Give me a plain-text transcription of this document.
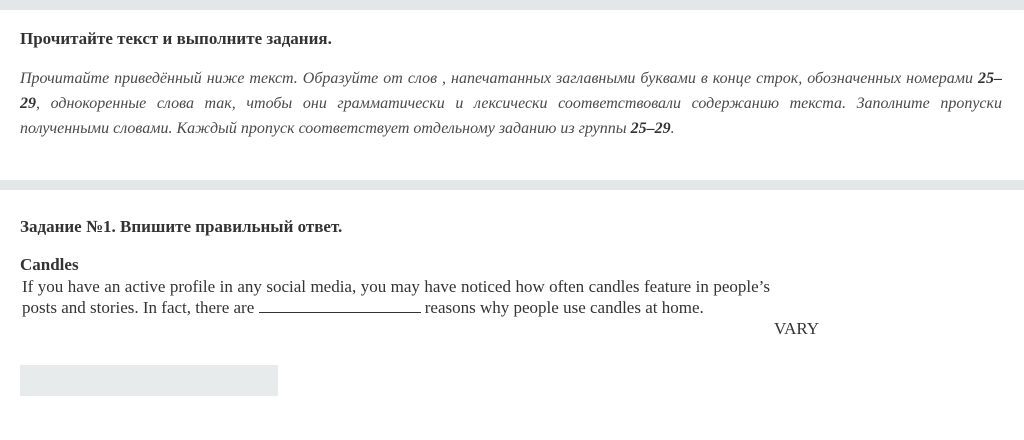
Прочитайте текст и выполните задания.
Прочитайте приведённый ниже текст. Образуйте от слов , напечатанных заглавными буквами в конце строк, обозначенных номерами 25–29, однокоренные слова так, чтобы они грамматически и лексически соответствовали содержанию текста. Заполните пропуски полученными словами. Каждый пропуск соответствует отдельному заданию из группы 25–29.
Задание №1. Впишите правильный ответ.
Candles
If you have an active profile in any social media, you may have noticed how often candles feature in people’s posts and stories. In fact, there are	reasons why people use candles at home.
VARY
